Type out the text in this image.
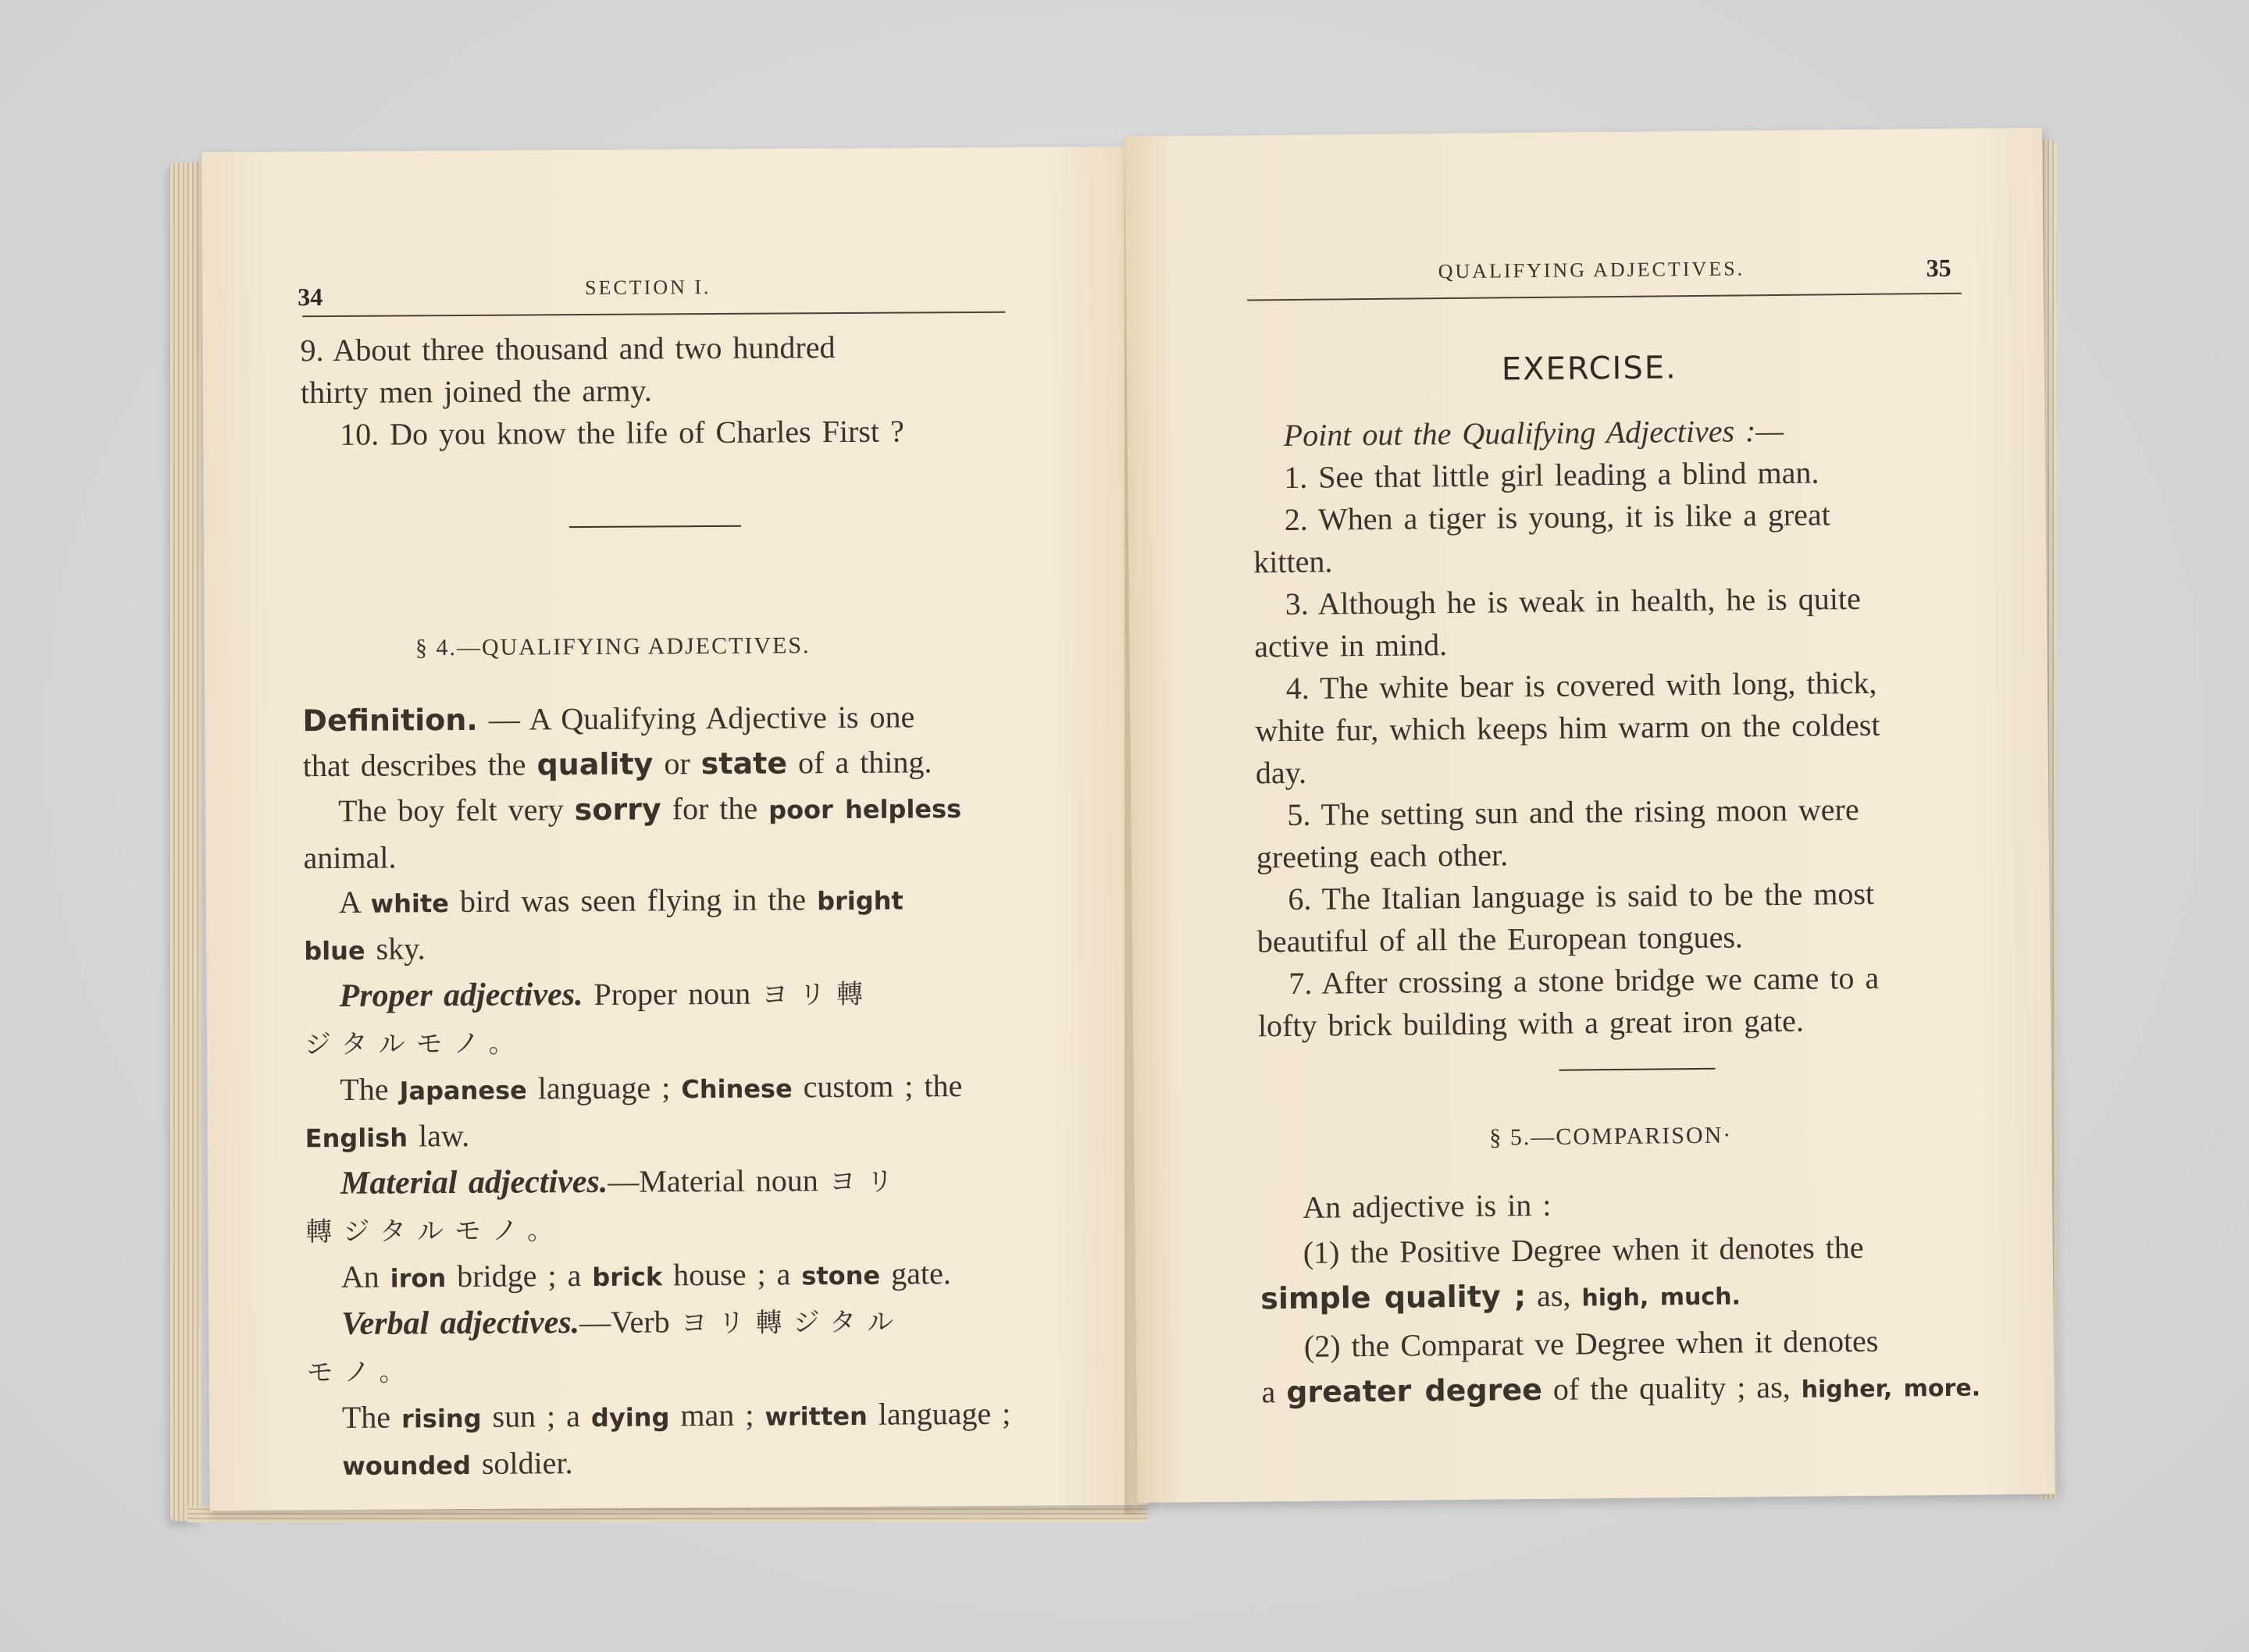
34	SECTION I.
9. About three thousand and two hundred
thirty men joined the army.
10. Do you know the life of Charles First ?
§ 4.—QUALIFYING ADJECTIVES.
Definition. — A Qualifying Adjective is one
that describes the quality or state of a thing.
The boy felt very sorry for the poor helpless
animal.
A white bird was seen flying in the bright
blue sky.
Proper adjectives. Proper noun ヨリ轉
ジタルモノ。
The Japanese language ; Chinese custom ; the
English law.
Material adjectives.—Material noun ヨリ
轉ジタルモノ。
An iron bridge ; a brick house ; a stone gate.
Verbal adjectives.—Verb ヨリ轉ジタル
モノ。
The rising sun ; a dying man ; written language ;
wounded soldier.
QUALIFYING ADJECTIVES.	35
EXERCISE.
Point out the Qualifying Adjectives :—
1. See that little girl leading a blind man.
2. When a tiger is young, it is like a great
kitten.
3. Although he is weak in health, he is quite
active in mind.
4. The white bear is covered with long, thick,
white fur, which keeps him warm on the coldest
day.
5. The setting sun and the rising moon were
greeting each other.
6. The Italian language is said to be the most
beautiful of all the European tongues.
7. After crossing a stone bridge we came to a
lofty brick building with a great iron gate.
§ 5.—COMPARISON·
An adjective is in :
(1) the Positive Degree when it denotes the
simple quality ; as, high, much.
(2) the Comparat ve Degree when it denotes
a greater degree of the quality ; as, higher, more.
